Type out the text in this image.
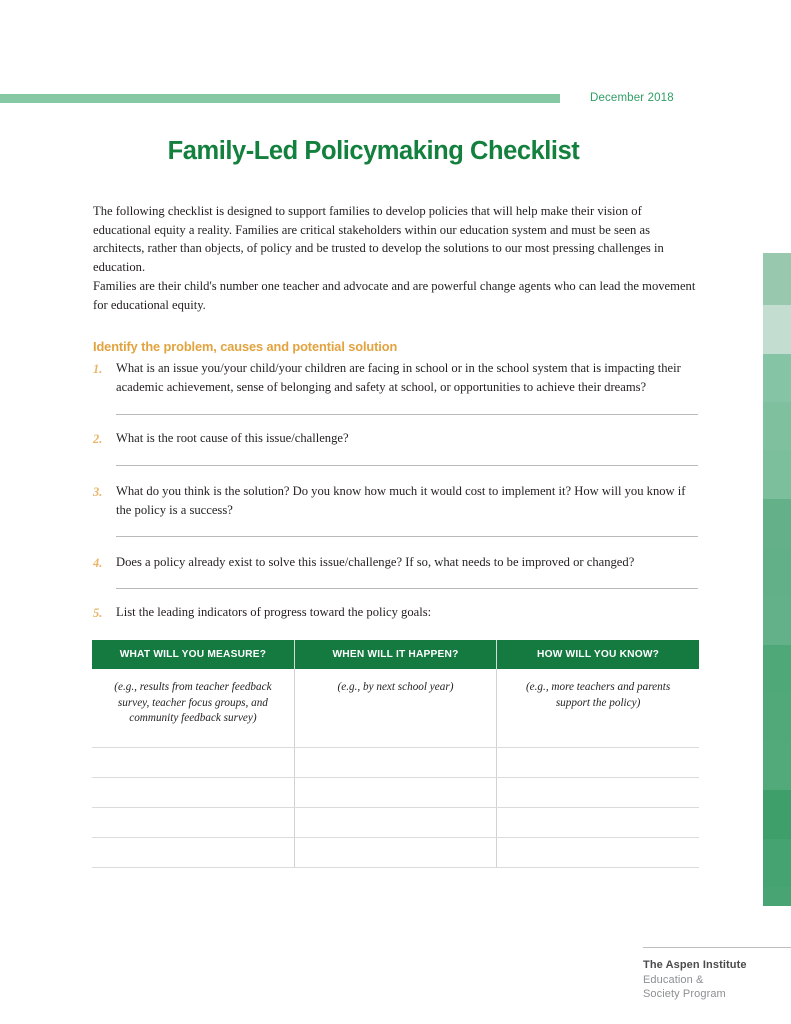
December 2018
Family-Led Policymaking Checklist
The following checklist is designed to support families to develop policies that will help make their vision of educational equity a reality. Families are critical stakeholders within our education system and must be seen as architects, rather than objects, of policy and be trusted to develop the solutions to our most pressing challenges in education.
Families are their child's number one teacher and advocate and are powerful change agents who can lead the movement for educational equity.
Identify the problem, causes and potential solution
1.	What is an issue you/your child/your children are facing in school or in the school system that is impacting their academic achievement, sense of belonging and safety at school, or opportunities to achieve their dreams?
2.	What is the root cause of this issue/challenge?
3.	What do you think is the solution? Do you know how much it would cost to implement it? How will you know if the policy is a success?
4.	Does a policy already exist to solve this issue/challenge? If so, what needs to be improved or changed?
5.	List the leading indicators of progress toward the policy goals:
WHAT WILL YOU MEASURE?	WHEN WILL IT HAPPEN?	HOW WILL YOU KNOW?
(e.g., results from teacher feedback survey, teacher focus groups, and community feedback survey)	(e.g., by next school year)	(e.g., more teachers and parents support the policy)

The Aspen Institute
Education &
Society Program
